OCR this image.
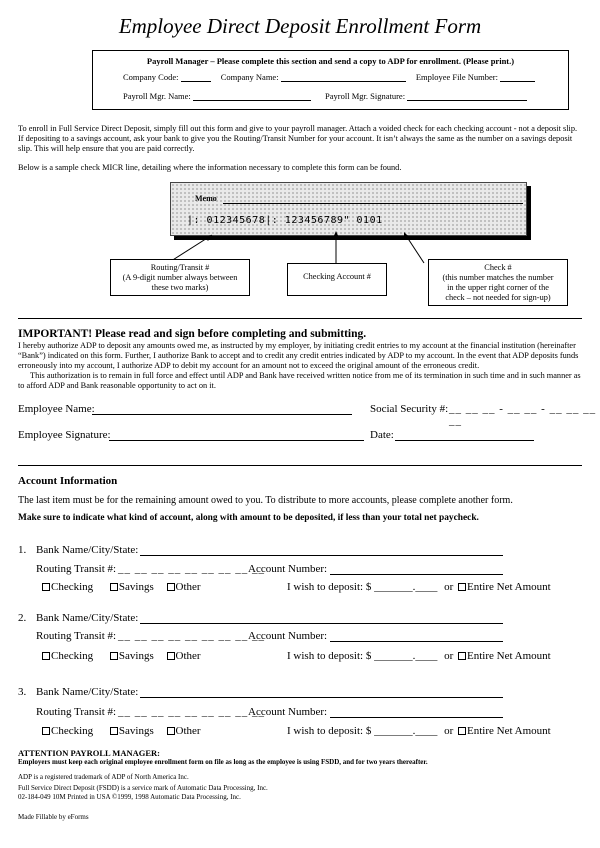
Employee Direct Deposit Enrollment Form
Payroll Manager – Please complete this section and send a copy to ADP for enrollment. (Please print.)
Company Code:	Company Name:	Employee File Number:
Payroll Mgr. Name:	Payroll Mgr. Signature:
To enroll in Full Service Direct Deposit, simply fill out this form and give to your payroll manager. Attach a voided check for each checking account - not a deposit slip. If depositing to a savings account, ask your bank to give you the Routing/Transit Number for your account. It isn’t always the same as the number on a savings deposit slip. This will help ensure that you are paid correctly.
Below is a sample check MICR line, detailing where the information necessary to complete this form can be found.
Memo
|: 012345678|: 123456789" 0101
Routing/Transit #
(A 9-digit number always between
these two marks)
Checking Account #
Check #
(this number matches the number
in the upper right corner of the
check – not needed for sign-up)
IMPORTANT! Please read and sign before completing and submitting.
I hereby authorize ADP to deposit any amounts owed me, as instructed by my employer, by initiating credit entries to my account at the financial institution (hereinafter “Bank”) indicated on this form. Further, I authorize Bank to accept and to credit any credit entries indicated by ADP to my account. In the event that ADP deposits funds erroneously into my account, I authorize ADP to debit my account for an amount not to exceed the original amount of the erroneous credit.
This authorization is to remain in full force and effect until ADP and Bank have received written notice from me of its termination in such time and in such manner as to afford ADP and Bank reasonable opportunity to act on it.
Employee Name:	Social Security #: __ __ __ - __ __ - __ __ __ __
Employee Signature:	Date:
Account Information
The last item must be for the remaining amount owed to you. To distribute to more accounts, please complete another form.
Make sure to indicate what kind of account, along with amount to be deposited, if less than your total net paycheck.
1. Bank Name/City/State:
Routing Transit #: __ __ __ __ __ __ __ __ __
Account Number:
Checking Savings Other	I wish to deposit: $ _______.____ or Entire Net Amount
2. Bank Name/City/State:
Routing Transit #: __ __ __ __ __ __ __ __ __
Account Number:
Checking Savings Other	I wish to deposit: $ _______.____ or Entire Net Amount
3. Bank Name/City/State:
Routing Transit #: __ __ __ __ __ __ __ __ __
Account Number:
Checking Savings Other	I wish to deposit: $ _______.____ or Entire Net Amount
ATTENTION PAYROLL MANAGER:
Employers must keep each original employee enrollment form on file as long as the employee is using FSDD, and for two years thereafter.
ADP is a registered trademark of ADP of North America Inc.
Full Service Direct Deposit (FSDD) is a service mark of Automatic Data Processing, Inc.
02-184-049 10M Printed in USA ©1999, 1998 Automatic Data Processing, Inc.
Made Fillable by eForms
